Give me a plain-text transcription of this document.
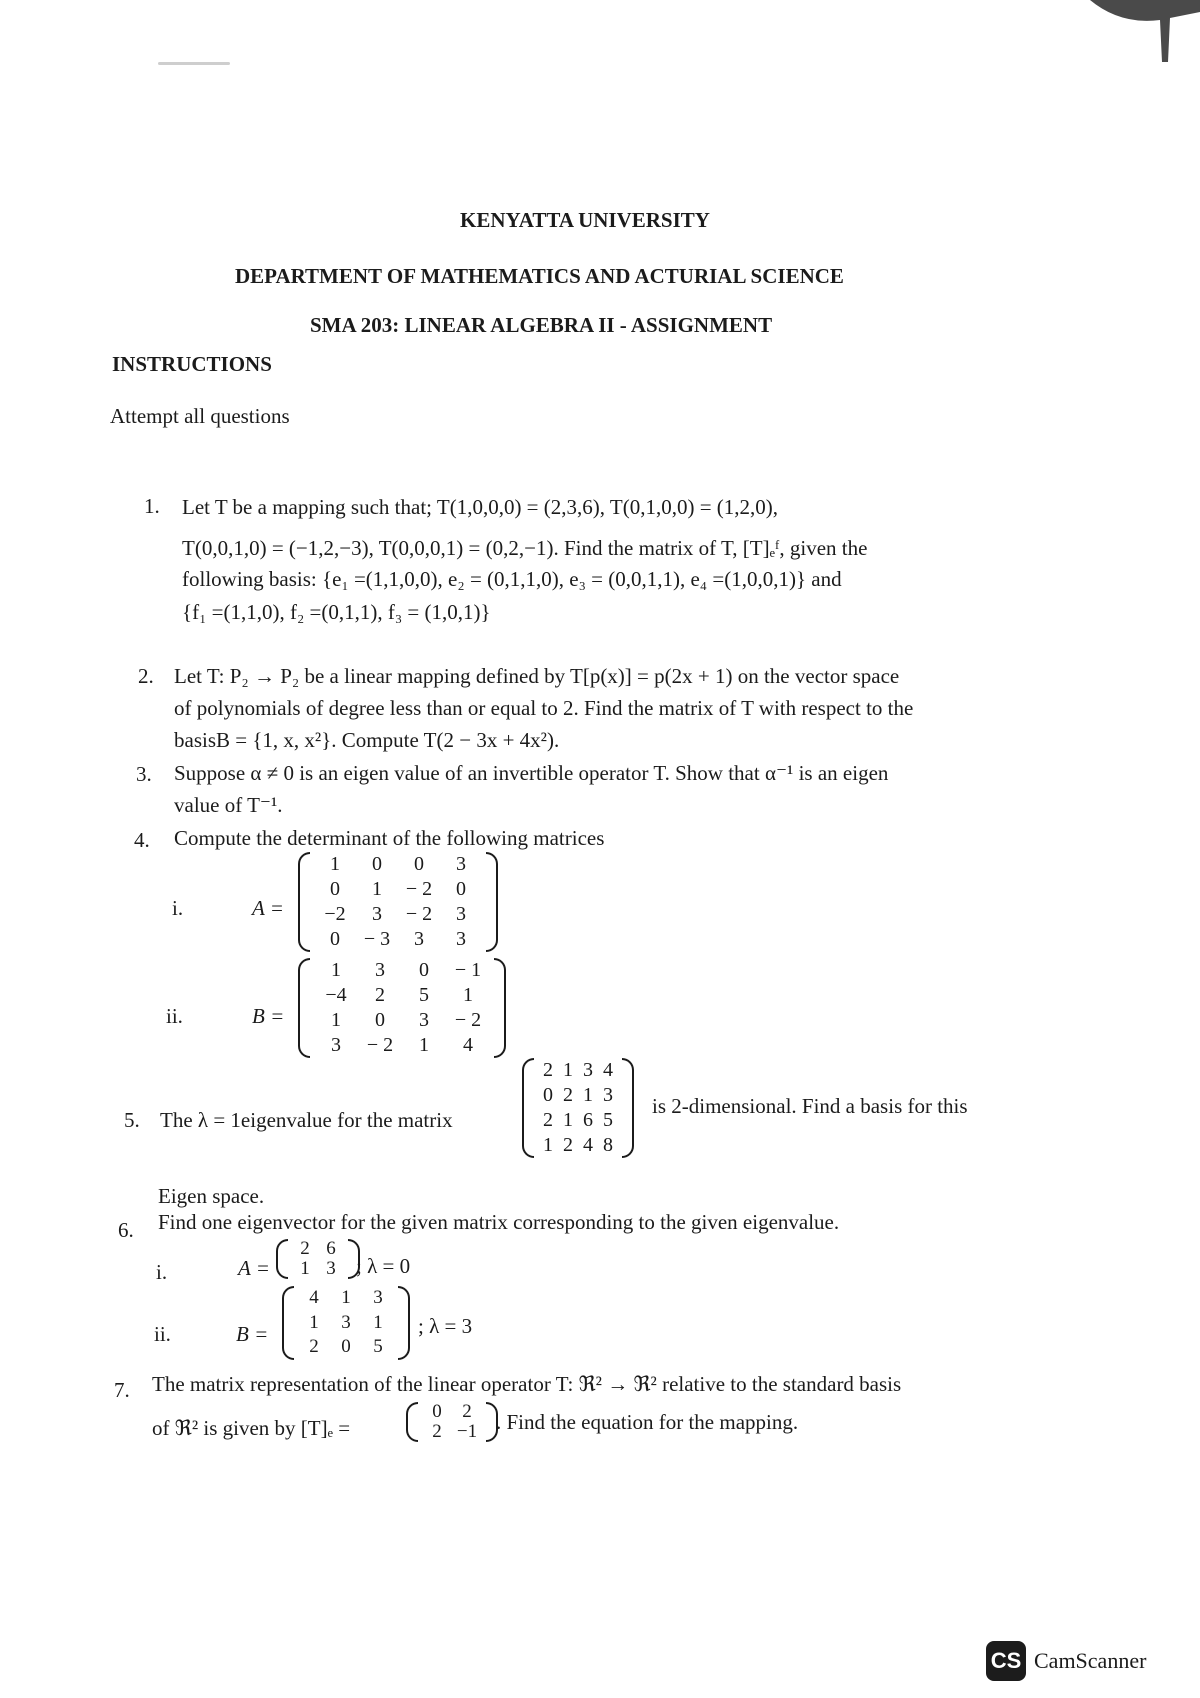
KENYATTA UNIVERSITY
DEPARTMENT OF MATHEMATICS AND ACTURIAL SCIENCE
SMA 203: LINEAR ALGEBRA II - ASSIGNMENT
INSTRUCTIONS
Attempt all questions
1. Let T be a mapping such that; T(1,0,0,0) = (2,3,6), T(0,1,0,0) = (1,2,0),
T(0,0,1,0) = (−1,2,−3), T(0,0,0,1) = (0,2,−1). Find the matrix of T, [T]ₑᶠ, given the
following basis: {e₁ =(1,1,0,0), e₂ = (0,1,1,0), e₃ = (0,0,1,1), e₄ =(1,0,0,1)} and
{f₁ =(1,1,0), f₂ =(0,1,1), f₃ = (1,0,1)}
2. Let T: P₂ → P₂ be a linear mapping defined by T[p(x)] = p(2x + 1) on the vector space
of polynomials of degree less than or equal to 2. Find the matrix of T with respect to the
basisB = {1, x, x²}. Compute T(2 − 3x + 4x²).
3. Suppose α ≠ 0 is an eigen value of an invertible operator T. Show that α⁻¹ is an eigen
value of T⁻¹.
4. Compute the determinant of the following matrices
i.	A =
1	0	0	3
0	1	− 2	0
−2	3	− 2	3
0	− 3	3	3
ii.	B =
1	3	0	− 1
−4	2	5	1
1	0	3	− 2
3	− 2	1	4
5. The λ = 1eigenvalue for the matrix
2 1 3 4
0 2 1 3
2 1 6 5
1 2 4 8
is 2-dimensional. Find a basis for this
Eigen space.
6. Find one eigenvector for the given matrix corresponding to the given eigenvalue.
i.	A =
2 6
1 3 ; λ = 0
ii.	B =
4	1	3
1	3	1
2	0	5
; λ = 3
7. The matrix representation of the linear operator T: ℜ² → ℜ² relative to the standard basis
of ℜ² is given by [T]ₑ =
0	2
2 −1 . Find the equation for the mapping.
CS CamScanner
